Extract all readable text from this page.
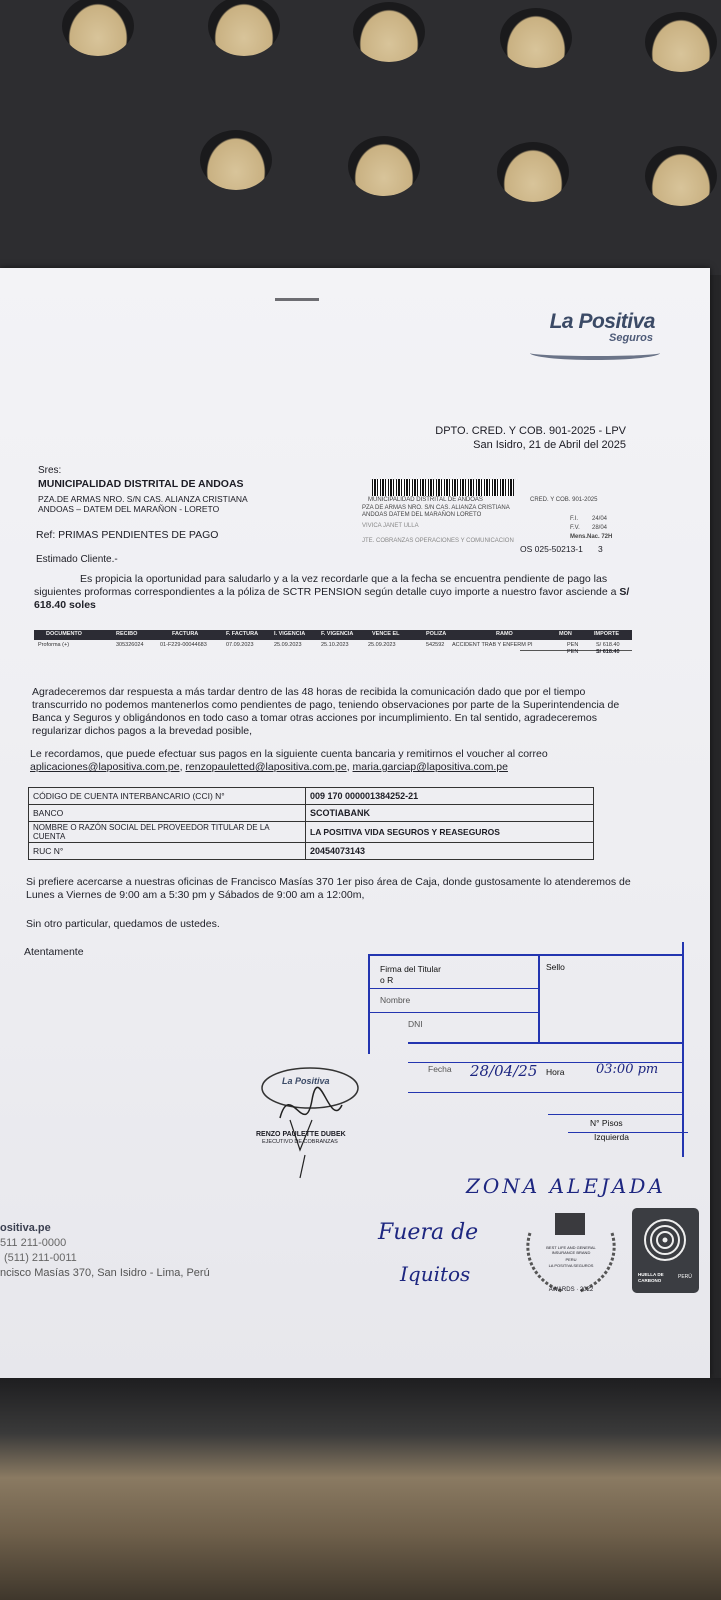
La Positiva
Seguros

DPTO. CRED. Y COB. 901-2025 - LPV

San Isidro, 21 de Abril del 2025

Sres:

MUNICIPALIDAD DISTRITAL DE ANDOAS

PZA.DE ARMAS NRO. S/N CAS. ALIANZA CRISTIANA

ANDOAS – DATEM DEL MARAÑON - LORETO

Ref: PRIMAS PENDIENTES DE PAGO

Estimado Cliente.-

MUNICIPALIDAD DISTRITAL DE ANDOAS

PZA DE ARMAS NRO. S/N CAS. ALIANZA CRISTIANA

ANDOAS DATEM DEL MARAÑON LORETO

VIVICA JANET ULLA

JTE. COBRANZAS OPERACIONES Y COMUNICACION

CRED. Y COB. 901-2025

F.I. 24/04

F.V. 28/04

Mens.Nac. 72H

OS 025-50213-1 3

Es propicia la oportunidad para saludarlo y a la vez recordarle que a la fecha se encuentra pendiente de pago las siguientes proformas correspondientes a la póliza de SCTR PENSION según detalle cuyo importe a nuestro favor asciende a S/ 618.40 soles

DOCUMENTO	RECIBO	FACTURA	F. FACTURA	I. VIGENCIA	F. VIGENCIA	VENCE EL	POLIZA	RAMO	MON	IMPORTE
Proforma (+)	305326024	01-F229-00044683	07.09.2023	25.09.2023	25.10.2023	25.09.2023	542592 ACCIDENT TRAB Y ENFERM PI	PEN	S/ 618.40

PEN	S/ 618.40

Agradeceremos dar respuesta a más tardar dentro de las 48 horas de recibida la comunicación dado que por el tiempo transcurrido no podemos mantenerlos como pendientes de pago, teniendo observaciones por parte de la Superintendencia de Banca y Seguros y obligándonos en todo caso a tomar otras acciones por incumplimiento. En tal sentido, agradeceremos regularizar dichos pagos a la brevedad posible,

Le recordamos, que puede efectuar sus pagos en la siguiente cuenta bancaria y remitirnos el voucher al correo aplicaciones@lapositiva.com.pe, renzopauletted@lapositiva.com.pe, maria.garciap@lapositiva.com.pe

CÓDIGO DE CUENTA INTERBANCARIO (CCI) N°	009 170 000001384252-21
BANCO	SCOTIABANK
NOMBRE O RAZÓN SOCIAL DEL PROVEEDOR TITULAR DE LA CUENTA	LA POSITIVA VIDA SEGUROS Y REASEGUROS
RUC N°	20454073143

Si prefiere acercarse a nuestras oficinas de Francisco Masías 370 1er piso área de Caja, donde gustosamente lo atenderemos de Lunes a Viernes de 9:00 am a 5:30 pm y Sábados de 9:00 am a 12:00m,

Sin otro particular, quedamos de ustedes.

Atentamente

Firma del Titular
o R
Nombre
DNI
Sello
Fecha	Hora
N° Pisos
Izquierda
28/04/25	03:00 pm
ZONA ALEJADA
Fuera de
Iquitos
La Positiva
RENZO PAULETTE DUBEK
EJECUTIVO DE COBRANZAS

ositiva.pe

511 211-0000

(511) 211-0011

ncisco Masías 370, San Isidro - Lima, Perú

BEST LIFE AND GENERAL INSURANCE BRAND
PERU
LA POSITIVA SEGUROS
AWARDS · 2022
HUELLA DE CARBONO
PERÚ
